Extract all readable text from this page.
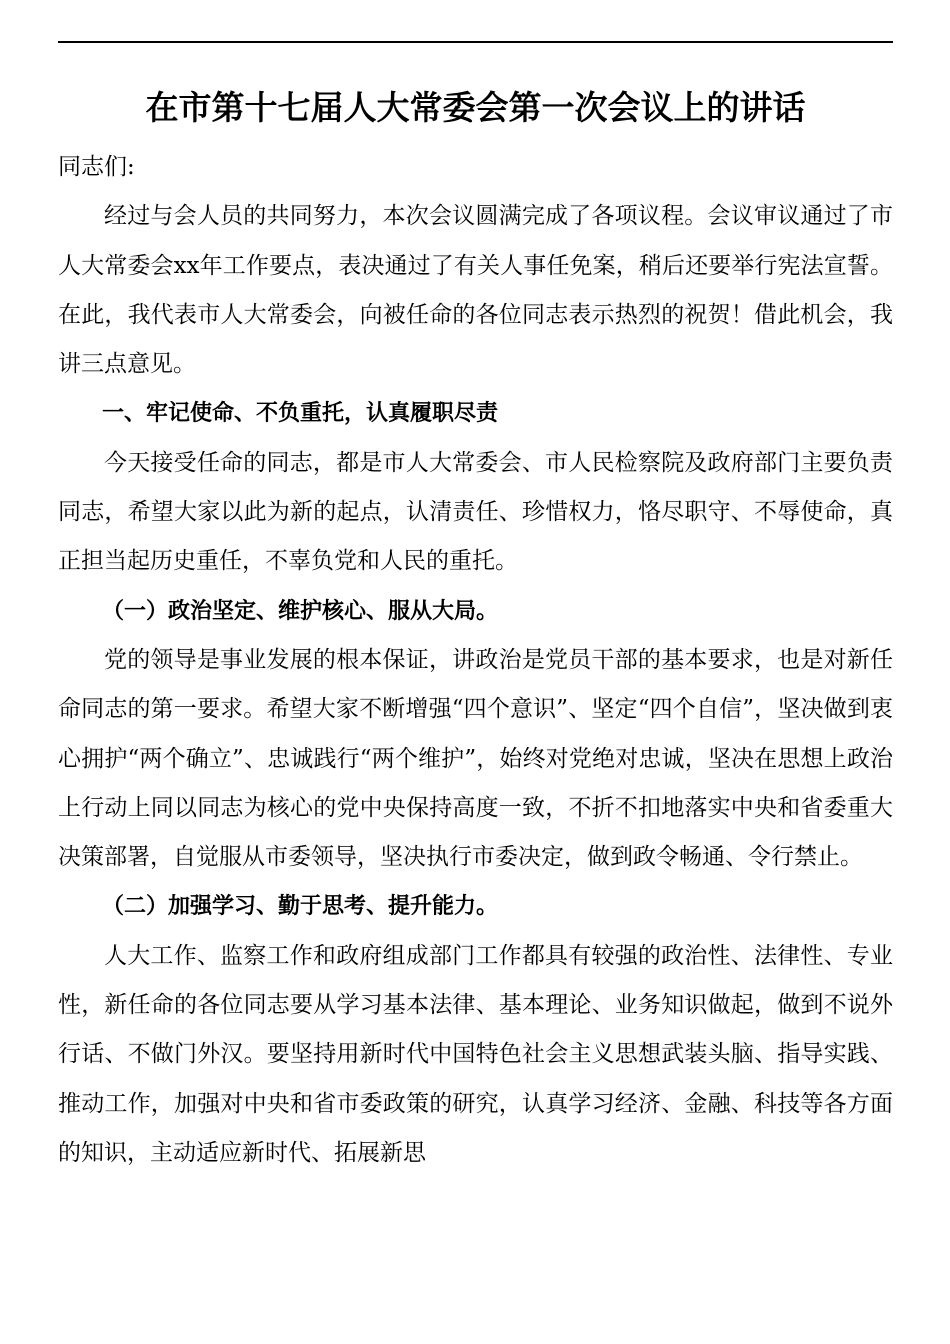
在市第十七届人大常委会第一次会议上的讲话

同志们:

经过与会人员的共同努力，本次会议圆满完成了各项议程。会议审议通过了市人大常委会xx年工作要点，表决通过了有关人事任免案，稍后还要举行宪法宣誓。在此，我代表市人大常委会，向被任命的各位同志表示热烈的祝贺！借此机会，我讲三点意见。

一、牢记使命、不负重托，认真履职尽责

今天接受任命的同志，都是市人大常委会、市人民检察院及政府部门主要负责同志，希望大家以此为新的起点，认清责任、珍惜权力，恪尽职守、不辱使命，真正担当起历史重任，不辜负党和人民的重托。

（一）政治坚定、维护核心、服从大局。

党的领导是事业发展的根本保证，讲政治是党员干部的基本要求，也是对新任命同志的第一要求。希望大家不断增强“四个意识”、坚定“四个自信”，坚决做到衷心拥护“两个确立”、忠诚践行“两个维护”，始终对党绝对忠诚，坚决在思想上政治上行动上同以同志为核心的党中央保持高度一致，不折不扣地落实中央和省委重大决策部署，自觉服从市委领导，坚决执行市委决定，做到政令畅通、令行禁止。

（二）加强学习、勤于思考、提升能力。

人大工作、监察工作和政府组成部门工作都具有较强的政治性、法律性、专业性，新任命的各位同志要从学习基本法律、基本理论、业务知识做起，做到不说外行话、不做门外汉。要坚持用新时代中国特色社会主义思想武装头脑、指导实践、推动工作，加强对中央和省市委政策的研究，认真学习经济、金融、科技等各方面的知识，主动适应新时代、拓展新思
